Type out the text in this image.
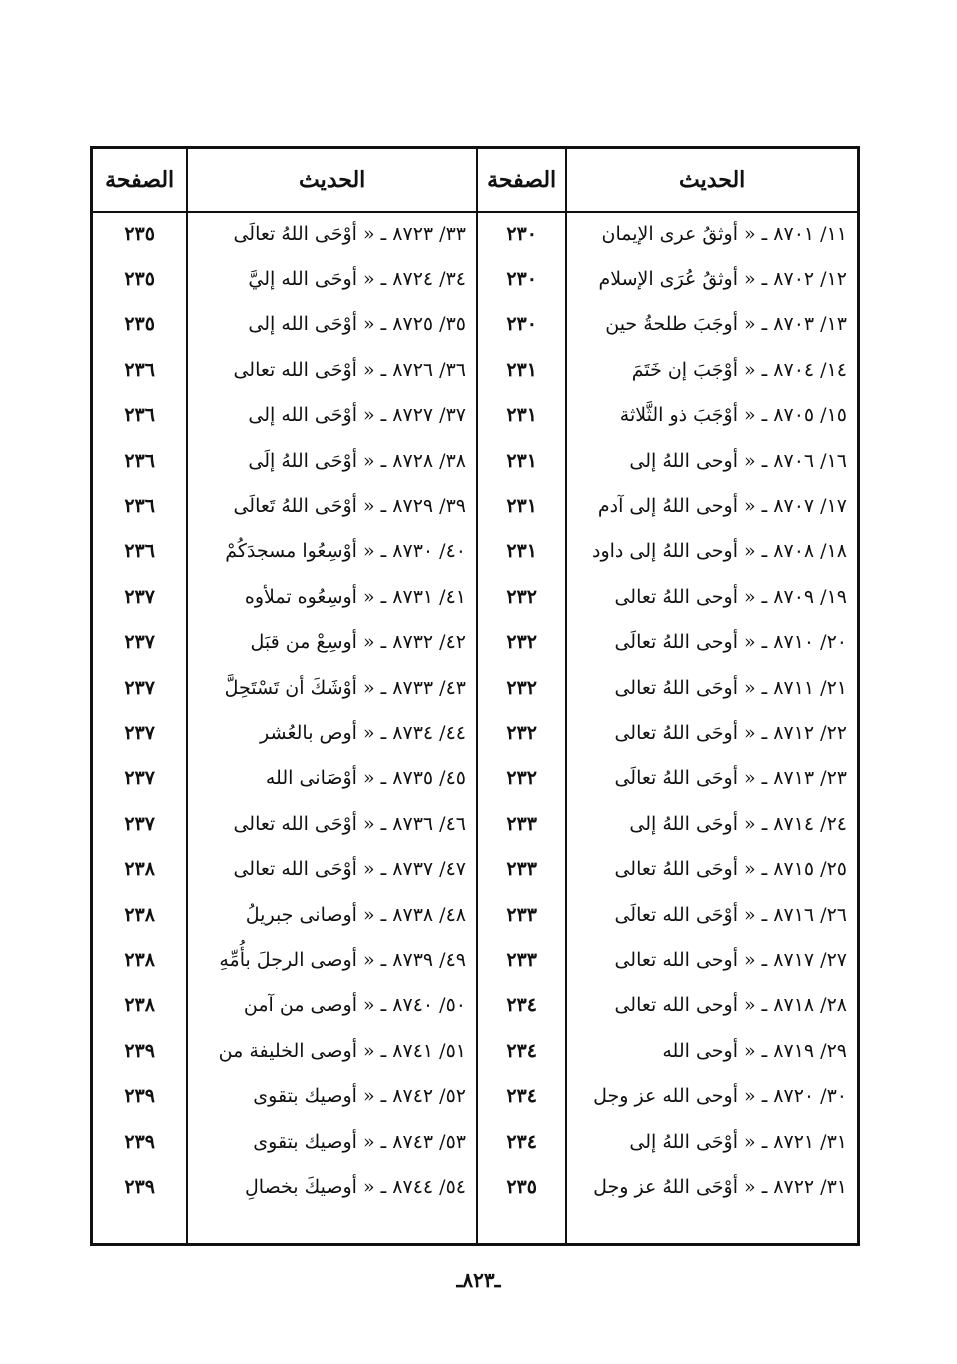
الحديث
١١/ ٨٧٠١ ـ « أوثقُ عرى الإيمان
١٢/ ٨٧٠٢ ـ « أوثقُ عُرَى الإسلام
١٣/ ٨٧٠٣ ـ « أوجَبَ طلحةُ حين
١٤/ ٨٧٠٤ ـ « أوْجَبَ إن خَتَمَ
١٥/ ٨٧٠٥ ـ « أوْجَبَ ذو الثَّلاثة
١٦/ ٨٧٠٦ ـ « أوحى اللهُ إلى
١٧/ ٨٧٠٧ ـ « أوحى اللهُ إلى آدم
١٨/ ٨٧٠٨ ـ « أوحى اللهُ إلى داود
١٩/ ٨٧٠٩ ـ « أوحى اللهُ تعالى
٢٠/ ٨٧١٠ ـ « أوحى اللهُ تعالَى
٢١/ ٨٧١١ ـ « أوحَى اللهُ تعالى
٢٢/ ٨٧١٢ ـ « أوحَى اللهُ تعالى
٢٣/ ٨٧١٣ ـ « أوحَى اللهُ تعالَى
٢٤/ ٨٧١٤ ـ « أوحَى اللهُ إلى
٢٥/ ٨٧١٥ ـ « أوحَى اللهُ تعالى
٢٦/ ٨٧١٦ ـ « أوْحَى الله تعالَى
٢٧/ ٨٧١٧ ـ « أوحى الله تعالى
٢٨/ ٨٧١٨ ـ « أوحى الله تعالى
٢٩/ ٨٧١٩ ـ « أوحى الله
٣٠/ ٨٧٢٠ ـ « أوحى الله عز وجل
٣١/ ٨٧٢١ ـ « أوْحَى اللهُ إلى
٣١/ ٨٧٢٢ ـ « أوْحَى اللهُ عز وجل
الصفحة
٢٣٠
٢٣٠
٢٣٠
٢٣١
٢٣١
٢٣١
٢٣١
٢٣١
٢٣٢
٢٣٢
٢٣٢
٢٣٢
٢٣٢
٢٣٣
٢٣٣
٢٣٣
٢٣٣
٢٣٤
٢٣٤
٢٣٤
٢٣٤
٢٣٥
الحديث
٣٣/ ٨٧٢٣ ـ « أوْحَى اللهُ تعالَى
٣٤/ ٨٧٢٤ ـ « أوحَى الله إليَّ
٣٥/ ٨٧٢٥ ـ « أوْحَى الله إلى
٣٦/ ٨٧٢٦ ـ « أوْحَى الله تعالى
٣٧/ ٨٧٢٧ ـ « أوْحَى الله إلى
٣٨/ ٨٧٢٨ ـ « أوْحَى اللهُ إلَى
٣٩/ ٨٧٢٩ ـ « أوْحَى اللهُ تَعالَى
٤٠/ ٨٧٣٠ ـ « أوْسِعُوا مسجدَكُمْ
٤١/ ٨٧٣١ ـ « أوسِعُوه تملأوه
٤٢/ ٨٧٣٢ ـ « أوسِعْ من قبَل
٤٣/ ٨٧٣٣ ـ « أوْشَكَ أن تَسْتَحِلَّ
٤٤/ ٨٧٣٤ ـ « أوص بالعُشر
٤٥/ ٨٧٣٥ ـ « أوْصَانى الله
٤٦/ ٨٧٣٦ ـ « أوْحَى الله تعالى
٤٧/ ٨٧٣٧ ـ « أوْحَى الله تعالى
٤٨/ ٨٧٣٨ ـ « أوصانى جبريلُ
٤٩/ ٨٧٣٩ ـ « أوصى الرجلَ بأُمِّهِ
٥٠/ ٨٧٤٠ ـ « أوصى من آمن
٥١/ ٨٧٤١ ـ « أوصى الخليفة من
٥٢/ ٨٧٤٢ ـ « أوصيك بتقوى
٥٣/ ٨٧٤٣ ـ « أوصيك بتقوى
٥٤/ ٨٧٤٤ ـ « أوصيكَ بخصالِ
الصفحة
٢٣٥
٢٣٥
٢٣٥
٢٣٦
٢٣٦
٢٣٦
٢٣٦
٢٣٦
٢٣٧
٢٣٧
٢٣٧
٢٣٧
٢٣٧
٢٣٧
٢٣٨
٢٣٨
٢٣٨
٢٣٨
٢٣٩
٢٣٩
٢٣٩
٢٣٩
ـ٨٢٣ـ
